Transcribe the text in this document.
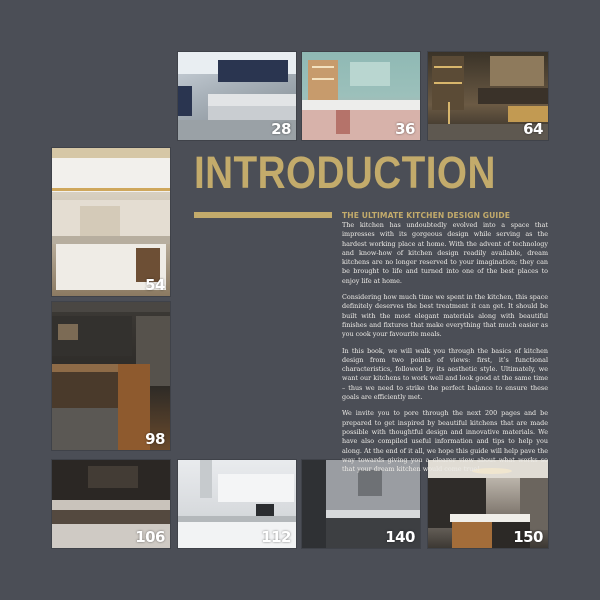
28	36	64
54
98
106	112	140	150
INTRODUCTION
THE ULTIMATE KITCHEN DESIGN GUIDE

The kitchen has undoubtedly evolved into a space that impresses with its gorgeous design while serving as the hardest working place at home. With the advent of technology and know-how of kitchen design readily available, dream kitchens are no longer reserved to your imagination; they can be brought to life and turned into one of the best places to enjoy life at home.

Considering how much time we spent in the kitchen, this space definitely deserves the best treatment it can get. It should be built with the most elegant materials along with beautiful finishes and fixtures that make everything that much easier as you cook your favourite meals.

In this book, we will walk you through the basics of kitchen design from two points of views: first, it’s functional characteristics, followed by its aesthetic style. Ultimately, we want our kitchens to work well and look good at the same time – thus we need to strike the perfect balance to ensure these goals are efficiently met.

We invite you to pore through the next 200 pages and be prepared to get inspired by beautiful kitchens that are made possible with thoughtful design and innovative materials. We have also compiled useful information and tips to help you along. At the end of it all, we hope this guide will help pave the way towards giving you a clearer view about what works so that your dream kitchen would come true!
